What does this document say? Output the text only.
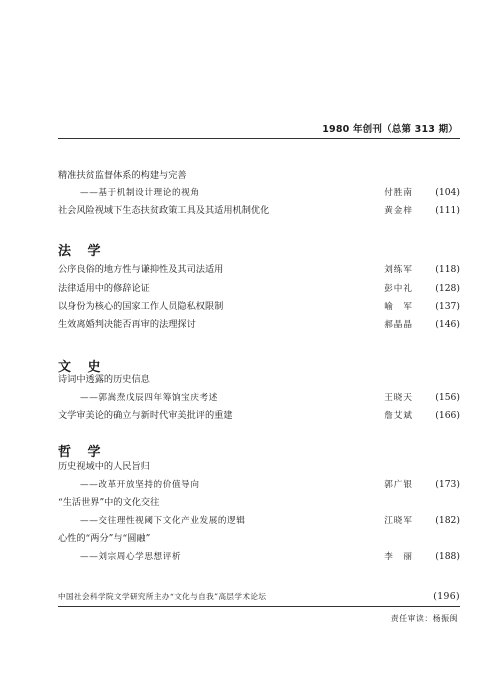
1980 年创刊（总第 313 期）
精准扶贫监督体系的构建与完善
——基于机制设计理论的视角	付胜南 (104)
社会风险视域下生态扶贫政策工具及其适用机制优化	黄金梓 (111)
法 学
公序良俗的地方性与谦抑性及其司法适用	刘练军 (118)
法律适用中的修辞论证	彭中礼 (128)
以身份为核心的国家工作人员隐私权限制	喻　军 (137)
生效离婚判决能否再审的法理探讨	郝晶晶 (146)
文 史
诗词中透露的历史信息
——郭嵩焘戊辰四年筹饷宝庆考述	王晓天 (156)
文学审美论的确立与新时代审美批评的重建	詹艾斌 (166)
哲 学
历史视域中的人民旨归
——改革开放坚持的价值导向	郭广银 (173)
“生活世界”中的文化交往
——交往理性视阈下文化产业发展的逻辑	江晓军 (182)
心性的“两分”与“圆融”
——刘宗周心学思想评析	李　丽 (188)
中国社会科学院文学研究所主办“文化与自我”高层学术论坛	(196)
责任审读：杨振闽
